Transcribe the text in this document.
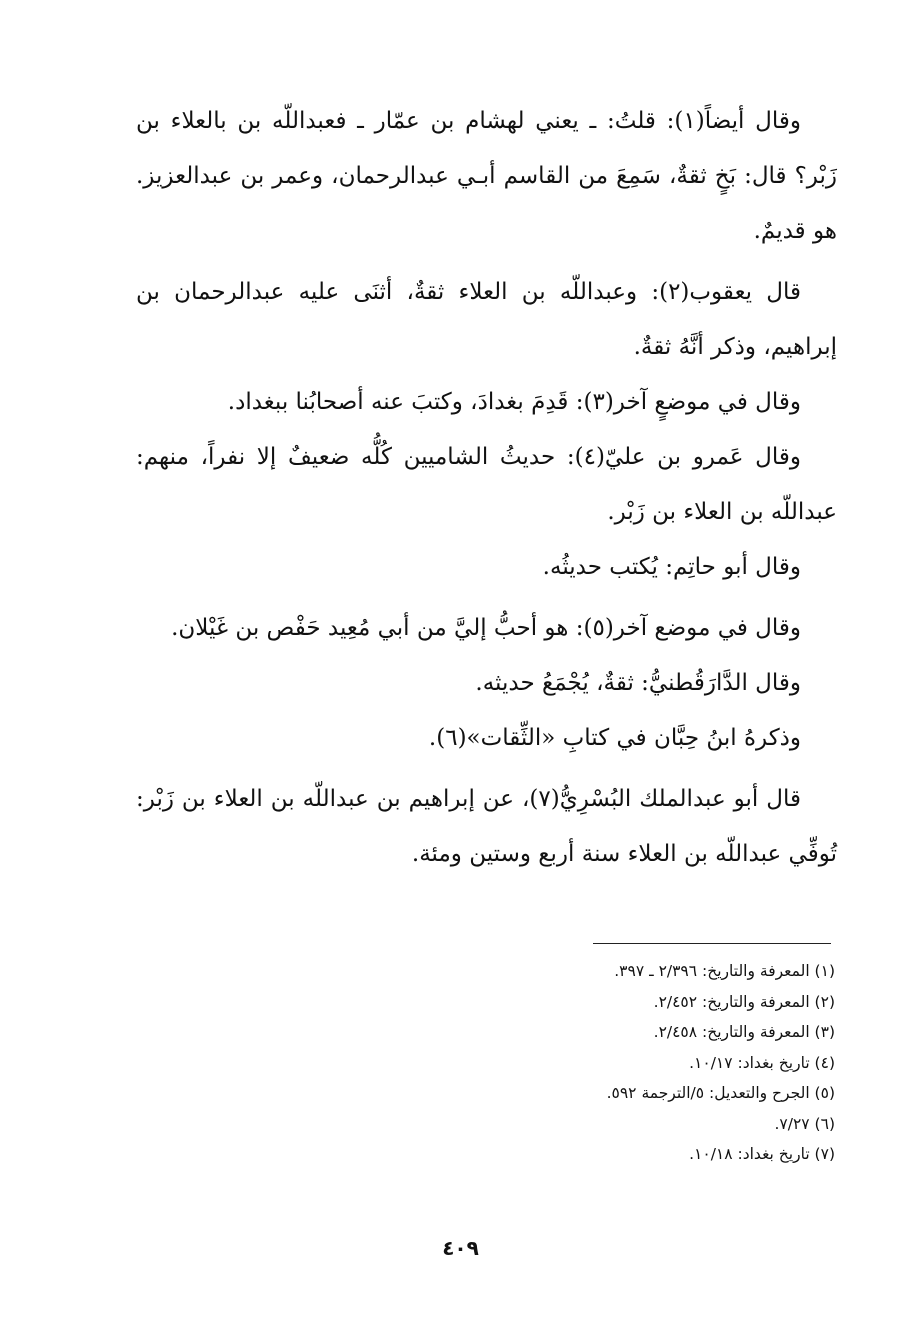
وقال أيضاً(١): قلتُ: ـ يعني لهشام بن عمّار ـ فعبداللّه بن بالعلاء بن زَبْر؟ قال: بَخٍ ثقةٌ، سَمِعَ من القاسم أبـي عبدالرحمان، وعمر بن عبدالعزيز. هو قديمٌ.

قال يعقوب(٢): وعبداللّه بن العلاء ثقةٌ، أثنَى عليه عبدالرحمان بن إبراهيم، وذكر أنَّهُ ثقةٌ.

وقال في موضعٍ آخر(٣): قَدِمَ بغدادَ، وكتبَ عنه أصحابُنا ببغداد.

وقال عَمرو بن عليّ(٤): حديثُ الشاميين كُلُّه ضعيفٌ إلا نفراً، منهم: عبداللّه بن العلاء بن زَبْر.

وقال أبو حاتِم: يُكتب حديثُه.

وقال في موضع آخر(٥): هو أحبُّ إليَّ من أبي مُعِيد حَفْص بن غَيْلان.

وقال الدَّارَقُطنيُّ: ثقةٌ، يُجْمَعُ حديثه.

وذكرهُ ابنُ حِبَّان في كتابِ «الثِّقات»(٦).

قال أبو عبدالملك البُسْرِيُّ(٧)، عن إبراهيم بن عبداللّه بن العلاء بن زَبْر: تُوفِّي عبداللّه بن العلاء سنة أربع وستين ومئة.

(١) المعرفة والتاريخ: ٢/٣٩٦ ـ ٣٩٧.

(٢) المعرفة والتاريخ: ٢/٤٥٢.

(٣) المعرفة والتاريخ: ٢/٤٥٨.

(٤) تاريخ بغداد: ١٠/١٧.

(٥) الجرح والتعديل: ٥/الترجمة ٥٩٢.

(٦) ٧/٢٧.

(٧) تاريخ بغداد: ١٠/١٨.

٤٠٩
